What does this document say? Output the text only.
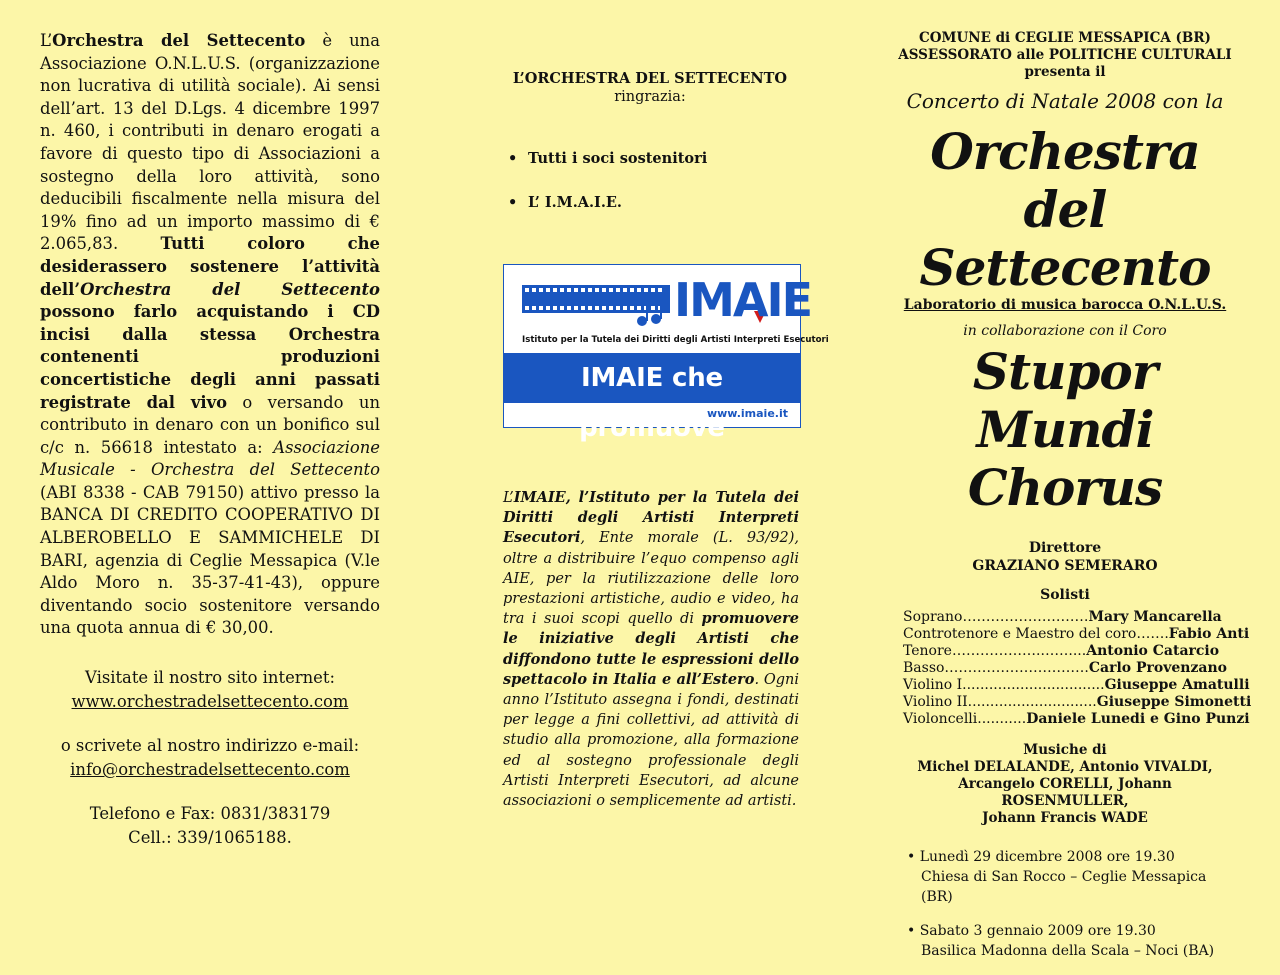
L’Orchestra del Settecento è una Associazione O.N.L.U.S. (organizzazione non lucrativa di utilità sociale). Ai sensi dell’art. 13 del D.Lgs. 4 dicembre 1997 n. 460, i contributi in denaro erogati a favore di questo tipo di Associazioni a sostegno della loro attività, sono deducibili fiscalmente nella misura del 19% fino ad un importo massimo di € 2.065,83. Tutti coloro che desiderassero sostenere l’attività dell’Orchestra del Settecento possono farlo acquistando i CD incisi dalla stessa Orchestra contenenti produzioni concertistiche degli anni passati registrate dal vivo o versando un contributo in denaro con un bonifico sul c/c n. 56618 intestato a: Associazione Musicale - Orchestra del Settecento (ABI 8338 - CAB 79150) attivo presso la BANCA DI CREDITO COOPERATIVO DI ALBEROBELLO E SAMMICHELE DI BARI, agenzia di Ceglie Messapica (V.le Aldo Moro n. 35-37-41-43), oppure diventando socio sostenitore versando una quota annua di € 30,00.

Visitate il nostro sito internet:

www.orchestradelsettecento.com

o scrivete al nostro indirizzo e-mail:

info@orchestradelsettecento.com

Telefono e Fax: 0831/383179

Cell.: 339/1065188.

L’ORCHESTRA DEL SETTECENTO
ringrazia:

• Tutti i soci sostenitori
• L’ I.M.A.I.E.
IMAIE
Istituto per la Tutela dei Diritti degli Artisti Interpreti Esecutori
IMAIE che promuove
www.imaie.it
L’IMAIE, l’Istituto per la Tutela dei Diritti degli Artisti Interpreti Esecutori, Ente morale (L. 93/92), oltre a distribuire l’equo compenso agli AIE, per la riutilizzazione delle loro prestazioni artistiche, audio e video, ha tra i suoi scopi quello di promuovere le iniziative degli Artisti che diffondono tutte le espressioni dello spettacolo in Italia e all’Estero. Ogni anno l’Istituto assegna i fondi, destinati per legge a fini collettivi, ad attività di studio alla promozione, alla formazione ed al sostegno professionale degli Artisti Interpreti Esecutori, ad alcune associazioni o semplicemente ad artisti.

COMUNE di CEGLIE MESSAPICA (BR)

ASSESSORATO alle POLITICHE CULTURALI

presenta il

Concerto di Natale 2008 con la

Orchestra del

Settecento

Laboratorio di musica barocca O.N.L.U.S.

in collaborazione con il Coro

Stupor Mundi

Chorus

Direttore

GRAZIANO SEMERARO

Solisti

Soprano……………………… Mary Mancarella
Controtenore e Maestro del coro……. Fabio Anti
Tenore……………….…….... Antonio Catarcio
Basso…………………………. Carlo Provenzano
Violino I................................ Giuseppe Amatulli
Violino II............................. Giuseppe Simonetti
Violoncelli........... Daniele Lunedi e Gino Punzi
Musiche di
Michel DELALANDE, Antonio VIVALDI,
Arcangelo CORELLI, Johann ROSENMULLER,
Johann Francis WADE
• Lunedì 29 dicembre 2008 ore 19.30
Chiesa di San Rocco – Ceglie Messapica (BR)
• Sabato 3 gennaio 2009 ore 19.30
Basilica Madonna della Scala – Noci (BA)
